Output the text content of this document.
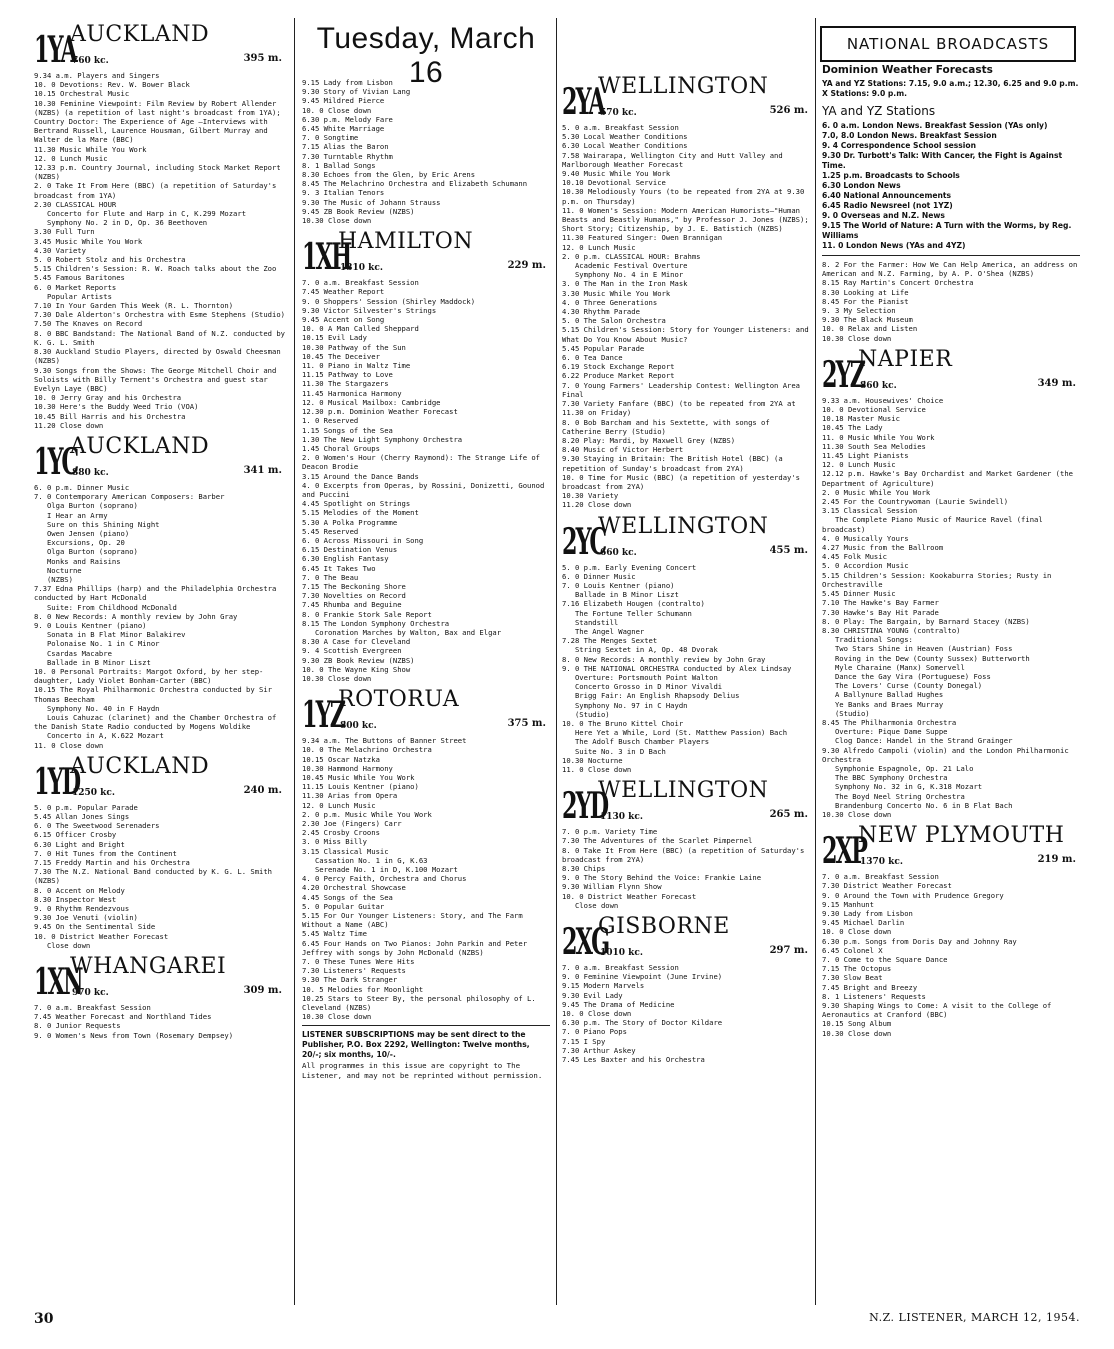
Tuesday, March 16
NATIONAL BROADCASTS
1YA
AUCKLAND
760 kc.	395 m.
9.34 a.m. Players and Singers
10. 0 Devotions: Rev. W. Bower Black
10.15 Orchestral Music
10.30 Feminine Viewpoint: Film Review by Robert Allender (NZBS) (a repetition of last night's broadcast from 1YA); Country Doctor: The Experience of Age —Interviews with Bertrand Russell, Laurence Housman, Gilbert Murray and Walter de la Mare (BBC)
11.30 Music While You Work
12. 0 Lunch Music
12.33 p.m. Country Journal, including Stock Market Report (NZBS)
2. 0 Take It From Here (BBC) (a repetition of Saturday's broadcast from 1YA)
2.30 CLASSICAL HOUR
Concerto for Flute and Harp in C, K.299 Mozart
Symphony No. 2 in D, Op. 36 Beethoven
3.30 Full Turn
3.45 Music While You Work
4.30 Variety
5. 0 Robert Stolz and his Orchestra
5.15 Children's Session: R. W. Roach talks about the Zoo
5.45 Famous Baritones
6. 0 Market Reports
Popular Artists
7.10 In Your Garden This Week (R. L. Thornton)
7.30 Dale Alderton's Orchestra with Esme Stephens (Studio)
7.50 The Knaves on Record
8. 0 BBC Bandstand: The National Band of N.Z. conducted by K. G. L. Smith
8.30 Auckland Studio Players, directed by Oswald Cheesman (NZBS)
9.30 Songs from the Shows: The George Mitchell Choir and Soloists with Billy Ternent's Orchestra and guest star Evelyn Laye (BBC)
10. 0 Jerry Gray and his Orchestra
10.30 Here's the Buddy Weed Trio (VOA)
10.45 Bill Harris and his Orchestra
11.20 Close down
1YC
AUCKLAND
880 kc.	341 m.
6. 0 p.m. Dinner Music
7. 0 Contemporary American Composers: Barber
Olga Burton (soprano)
I Hear an Army
Sure on this Shining Night
Owen Jensen (piano)
Excursions, Op. 20
Olga Burton (soprano)
Monks and Raisins
Nocturne
(NZBS)
7.37 Edna Phillips (harp) and the Philadelphia Orchestra conducted by Hart McDonald
Suite: From Childhood McDonald
8. 0 New Records: A monthly review by John Gray
9. 0 Louis Kentner (piano)
Sonata in B Flat Minor Balakirev
Polonaise No. 1 in C Minor
Csardas Macabre
Ballade in B Minor Liszt
10. 0 Personal Portraits: Margot Oxford, by her step-daughter, Lady Violet Bonham-Carter (BBC)
10.15 The Royal Philharmonic Orchestra conducted by Sir Thomas Beecham
Symphony No. 40 in F Haydn
Louis Cahuzac (clarinet) and the Chamber Orchestra of the Danish State Radio conducted by Mogens Woldike
Concerto in A, K.622 Mozart
11. 0 Close down
1YD
AUCKLAND
1250 kc.	240 m.
5. 0 p.m. Popular Parade
5.45 Allan Jones Sings
6. 0 The Sweetwood Serenaders
6.15 Officer Crosby
6.30 Light and Bright
7. 0 Hit Tunes from the Continent
7.15 Freddy Martin and his Orchestra
7.30 The N.Z. National Band conducted by K. G. L. Smith (NZBS)
8. 0 Accent on Melody
8.30 Inspector West
9. 0 Rhythm Rendezvous
9.30 Joe Venuti (violin)
9.45 On the Sentimental Side
10. 0 District Weather Forecast
Close down
1XN
WHANGAREI
970 kc.	309 m.
7. 0 a.m. Breakfast Session
7.45 Weather Forecast and Northland Tides
8. 0 Junior Requests
9. 0 Women's News from Town (Rosemary Dempsey)
9.15 Lady from Lisbon
9.30 Story of Vivian Lang
9.45 Mildred Pierce
10. 0 Close down
6.30 p.m. Melody Fare
6.45 White Marriage
7. 0 Songtime
7.15 Alias the Baron
7.30 Turntable Rhythm
8. 1 Ballad Songs
8.30 Echoes from the Glen, by Eric Arens
8.45 The Melachrino Orchestra and Elizabeth Schumann
9. 3 Italian Tenors
9.30 The Music of Johann Strauss
9.45 ZB Book Review (NZBS)
10.30 Close down
1XH
HAMILTON
1310 kc.	229 m.
7. 0 a.m. Breakfast Session
7.45 Weather Report
9. 0 Shoppers' Session (Shirley Maddock)
9.30 Victor Silvester's Strings
9.45 Accent on Song
10. 0 A Man Called Sheppard
10.15 Evil Lady
10.30 Pathway of the Sun
10.45 The Deceiver
11. 0 Piano in Waltz Time
11.15 Pathway to Love
11.30 The Stargazers
11.45 Harmonica Harmony
12. 0 Musical Mailbox: Cambridge
12.30 p.m. Dominion Weather Forecast
1. 0 Reserved
1.15 Songs of the Sea
1.30 The New Light Symphony Orchestra
1.45 Choral Groups
2. 0 Women's Hour (Cherry Raymond): The Strange Life of Deacon Brodie
3.15 Around the Dance Bands
4. 0 Excerpts from Operas, by Rossini, Donizetti, Gounod and Puccini
4.45 Spotlight on Strings
5.15 Melodies of the Moment
5.30 A Polka Programme
5.45 Reserved
6. 0 Across Missouri in Song
6.15 Destination Venus
6.30 English Fantasy
6.45 It Takes Two
7. 0 The Beau
7.15 The Beckoning Shore
7.30 Novelties on Record
7.45 Rhumba and Beguine
8. 0 Frankie Stork Sale Report
8.15 The London Symphony Orchestra
Coronation Marches by Walton, Bax and Elgar
8.30 A Case for Cleveland
9. 4 Scottish Evergreen
9.30 ZB Book Review (NZBS)
10. 0 The Wayne King Show
10.30 Close down
1YZ
ROTORUA
800 kc.	375 m.
9.34 a.m. The Buttons of Banner Street
10. 0 The Melachrino Orchestra
10.15 Oscar Natzka
10.30 Hammond Harmony
10.45 Music While You Work
11.15 Louis Kentner (piano)
11.30 Arias from Opera
12. 0 Lunch Music
2. 0 p.m. Music While You Work
2.30 Joe (Fingers) Carr
2.45 Crosby Croons
3. 0 Miss Billy
3.15 Classical Music
Cassation No. 1 in G, K.63
Serenade No. 1 in D, K.100 Mozart
4. 0 Percy Faith, Orchestra and Chorus
4.20 Orchestral Showcase
4.45 Songs of the Sea
5. 0 Popular Guitar
5.15 For Our Younger Listeners: Story, and The Farm Without a Name (ABC)
5.45 Waltz Time
6.45 Four Hands on Two Pianos: John Parkin and Peter Jeffrey with songs by John McDonald (NZBS)
7. 0 These Tunes Were Hits
7.30 Listeners' Requests
9.30 The Dark Stranger
10. 5 Melodies for Moonlight
10.25 Stars to Steer By, the personal philosophy of L. Cleveland (NZBS)
10.30 Close down
LISTENER SUBSCRIPTIONS may be sent direct to the Publisher, P.O. Box 2292, Wellington: Twelve months, 20/-; six months, 10/-.
All programmes in this issue are copyright to The Listener, and may not be reprinted without permission.
2YA
WELLINGTON
570 kc.	526 m.
5. 0 a.m. Breakfast Session
5.30 Local Weather Conditions
6.30 Local Weather Conditions
7.58 Wairarapa, Wellington City and Hutt Valley and Marlborough Weather Forecast
9.40 Music While You Work
10.10 Devotional Service
10.30 Melodiously Yours (to be repeated from 2YA at 9.30 p.m. on Thursday)
11. 0 Women's Session: Modern American Humorists—"Human Beasts and Beastly Humans," by Professor J. Jones (NZBS); Short Story; Citizenship, by J. E. Batistich (NZBS)
11.30 Featured Singer: Owen Brannigan
12. 0 Lunch Music
2. 0 p.m. CLASSICAL HOUR: Brahms
Academic Festival Overture
Symphony No. 4 in E Minor
3. 0 The Man in the Iron Mask
3.30 Music While You Work
4. 0 Three Generations
4.30 Rhythm Parade
5. 0 The Salon Orchestra
5.15 Children's Session: Story for Younger Listeners: and What Do You Know About Music?
5.45 Popular Parade
6. 0 Tea Dance
6.19 Stock Exchange Report
6.22 Produce Market Report
7. 0 Young Farmers' Leadership Contest: Wellington Area Final
7.30 Variety Fanfare (BBC) (to be repeated from 2YA at 11.30 on Friday)
8. 0 Bob Barcham and his Sextette, with songs of Catherine Berry (Studio)
8.20 Play: Mardi, by Maxwell Grey (NZBS)
8.40 Music of Victor Herbert
9.30 Staying in Britain: The British Hotel (BBC) (a repetition of Sunday's broadcast from 2YA)
10. 0 Time for Music (BBC) (a repetition of yesterday's broadcast from 2YA)
10.30 Variety
11.20 Close down
2YC
WELLINGTON
660 kc.	455 m.
5. 0 p.m. Early Evening Concert
6. 0 Dinner Music
7. 0 Louis Kentner (piano)
Ballade in B Minor Liszt
7.16 Elizabeth Hougen (contralto)
The Fortune Teller Schumann
Standstill
The Angel Wagner
7.28 The Menges Sextet
String Sextet in A, Op. 48 Dvorak
8. 0 New Records: A monthly review by John Gray
9. 0 THE NATIONAL ORCHESTRA conducted by Alex Lindsay
Overture: Portsmouth Point Walton
Concerto Grosso in D Minor Vivaldi
Brigg Fair: An English Rhapsody Delius
Symphony No. 97 in C Haydn
(Studio)
10. 0 The Bruno Kittel Choir
Here Yet a While, Lord (St. Matthew Passion) Bach
The Adolf Busch Chamber Players
Suite No. 3 in D Bach
10.30 Nocturne
11. 0 Close down
2YD
WELLINGTON
1130 kc.	265 m.
7. 0 p.m. Variety Time
7.30 The Adventures of the Scarlet Pimpernel
8. 0 Take It From Here (BBC) (a repetition of Saturday's broadcast from 2YA)
8.30 Chips
9. 0 The Story Behind the Voice: Frankie Laine
9.30 William Flynn Show
10. 0 District Weather Forecast
Close down
2XG
GISBORNE
1010 kc.	297 m.
7. 0 a.m. Breakfast Session
9. 0 Feminine Viewpoint (June Irvine)
9.15 Modern Marvels
9.30 Evil Lady
9.45 The Drama of Medicine
10. 0 Close down
6.30 p.m. The Story of Doctor Kildare
7. 0 Piano Pops
7.15 I Spy
7.30 Arthur Askey
7.45 Les Baxter and his Orchestra
Dominion Weather Forecasts
YA and YZ Stations: 7.15, 9.0 a.m.; 12.30, 6.25 and 9.0 p.m.
X Stations: 9.0 p.m.
YA and YZ Stations
6. 0 a.m. London News. Breakfast Session (YAs only)
7.0, 8.0 London News. Breakfast Session
9. 4 Correspondence School session
9.30 Dr. Turbott's Talk: With Cancer, the Fight is Against Time.
1.25 p.m. Broadcasts to Schools
6.30 London News
6.40 National Announcements
6.45 Radio Newsreel (not 1YZ)
9. 0 Overseas and N.Z. News
9.15 The World of Nature: A Turn with the Worms, by Reg. Williams
11. 0 London News (YAs and 4YZ)
8. 2 For the Farmer: How We Can Help America, an address on American and N.Z. Farming, by A. P. O'Shea (NZBS)
8.15 Ray Martin's Concert Orchestra
8.30 Looking at Life
8.45 For the Pianist
9. 3 My Selection
9.30 The Black Museum
10. 0 Relax and Listen
10.30 Close down
2YZ
NAPIER
860 kc.	349 m.
9.33 a.m. Housewives' Choice
10. 0 Devotional Service
10.18 Master Music
10.45 The Lady
11. 0 Music While You Work
11.30 South Sea Melodies
11.45 Light Pianists
12. 0 Lunch Music
12.12 p.m. Hawke's Bay Orchardist and Market Gardener (the Department of Agriculture)
2. 0 Music While You Work
2.45 For the Countrywoman (Laurie Swindell)
3.15 Classical Session
The Complete Piano Music of Maurice Ravel (final broadcast)
4. 0 Musically Yours
4.27 Music from the Ballroom
4.45 Folk Music
5. 0 Accordion Music
5.15 Children's Session: Kookaburra Stories; Rusty in Orchestraville
5.45 Dinner Music
7.10 The Hawke's Bay Farmer
7.30 Hawke's Bay Hit Parade
8. 0 Play: The Bargain, by Barnard Stacey (NZBS)
8.30 CHRISTINA YOUNG (contralto)
Traditional Songs:
Two Stars Shine in Heaven (Austrian) Foss
Roving in the Dew (County Sussex) Butterworth
Myle Charaine (Manx) Somervell
Dance the Gay Vira (Portuguese) Foss
The Lovers' Curse (County Donegal)
A Ballynure Ballad Hughes
Ye Banks and Braes Murray
(Studio)
8.45 The Philharmonia Orchestra
Overture: Pique Dame Suppe
Clog Dance: Handel in the Strand Grainger
9.30 Alfredo Campoli (violin) and the London Philharmonic Orchestra
Symphonie Espagnole, Op. 21 Lalo
The BBC Symphony Orchestra
Symphony No. 32 in G, K.318 Mozart
The Boyd Neel String Orchestra
Brandenburg Concerto No. 6 in B Flat Bach
10.30 Close down
2XP
NEW PLYMOUTH
1370 kc.	219 m.
7. 0 a.m. Breakfast Session
7.30 District Weather Forecast
9. 0 Around the Town with Prudence Gregory
9.15 Manhunt
9.30 Lady from Lisbon
9.45 Michael Darlin
10. 0 Close down
6.30 p.m. Songs from Doris Day and Johnny Ray
6.45 Colonel X
7. 0 Come to the Square Dance
7.15 The Octopus
7.30 Slow Beat
7.45 Bright and Breezy
8. 1 Listeners' Requests
9.30 Shaping Wings to Come: A visit to the College of Aeronautics at Cranford (BBC)
10.15 Song Album
10.30 Close down
30	N.Z. LISTENER, MARCH 12, 1954.
